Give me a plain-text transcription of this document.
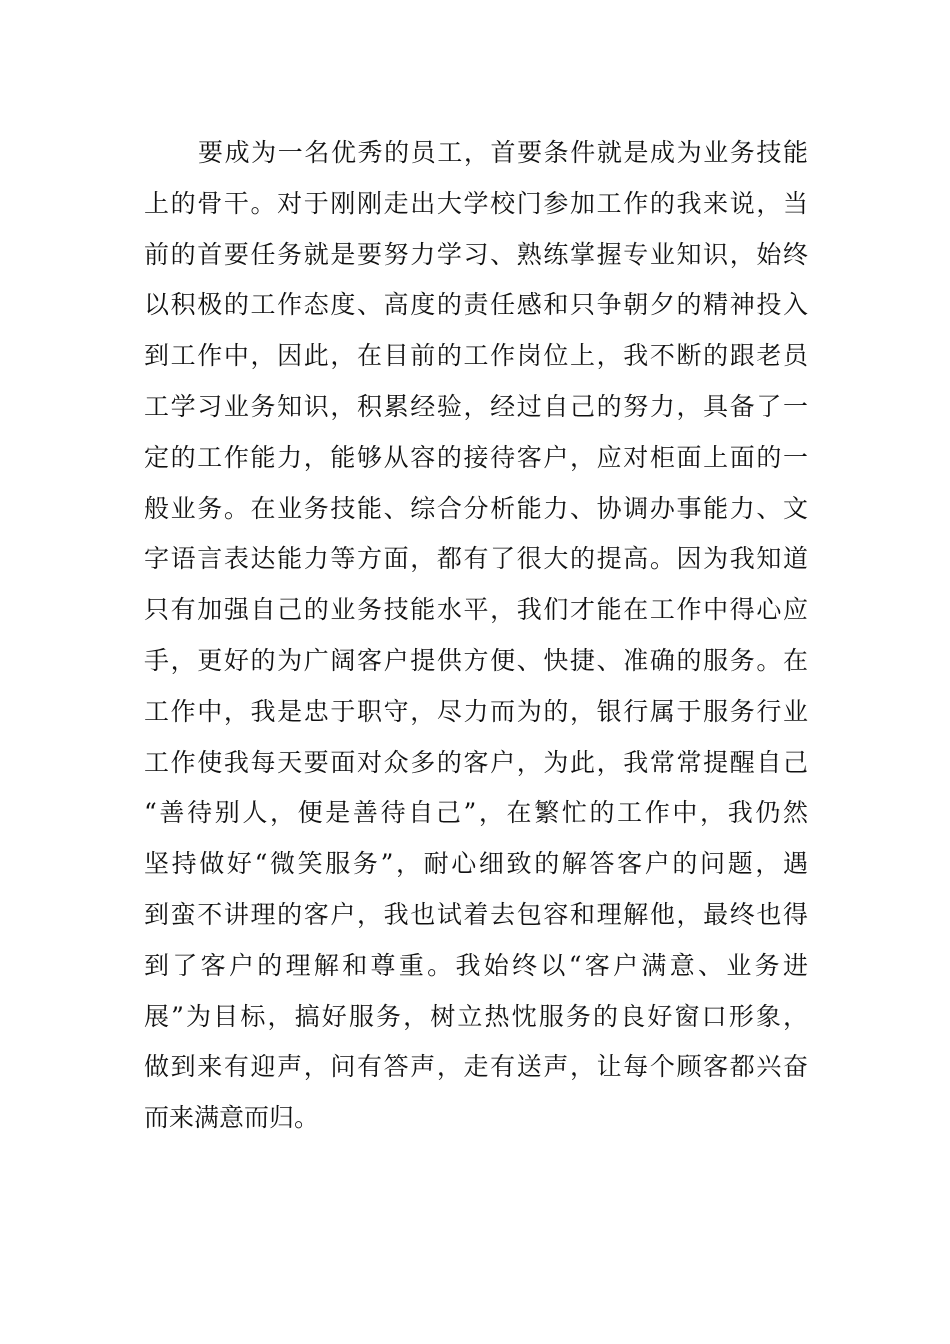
要成为一名优秀的员工，首要条件就是成为业务技能
上的骨干。对于刚刚走出大学校门参加工作的我来说，当
前的首要任务就是要努力学习、熟练掌握专业知识，始终
以积极的工作态度、高度的责任感和只争朝夕的精神投入
到工作中，因此，在目前的工作岗位上，我不断的跟老员
工学习业务知识，积累经验，经过自己的努力，具备了一
定的工作能力，能够从容的接待客户，应对柜面上面的一
般业务。在业务技能、综合分析能力、协调办事能力、文
字语言表达能力等方面，都有了很大的提高。因为我知道
只有加强自己的业务技能水平，我们才能在工作中得心应
手，更好的为广阔客户提供方便、快捷、准确的服务。在
工作中，我是忠于职守，尽力而为的，银行属于服务行业
工作使我每天要面对众多的客户，为此，我常常提醒自己
“善待别人，便是善待自己”，在繁忙的工作中，我仍然
坚持做好“微笑服务”，耐心细致的解答客户的问题，遇
到蛮不讲理的客户，我也试着去包容和理解他，最终也得
到了客户的理解和尊重。我始终以“客户满意、业务进
展”为目标，搞好服务，树立热忱服务的良好窗口形象，
做到来有迎声，问有答声，走有送声，让每个顾客都兴奋
而来满意而归。
